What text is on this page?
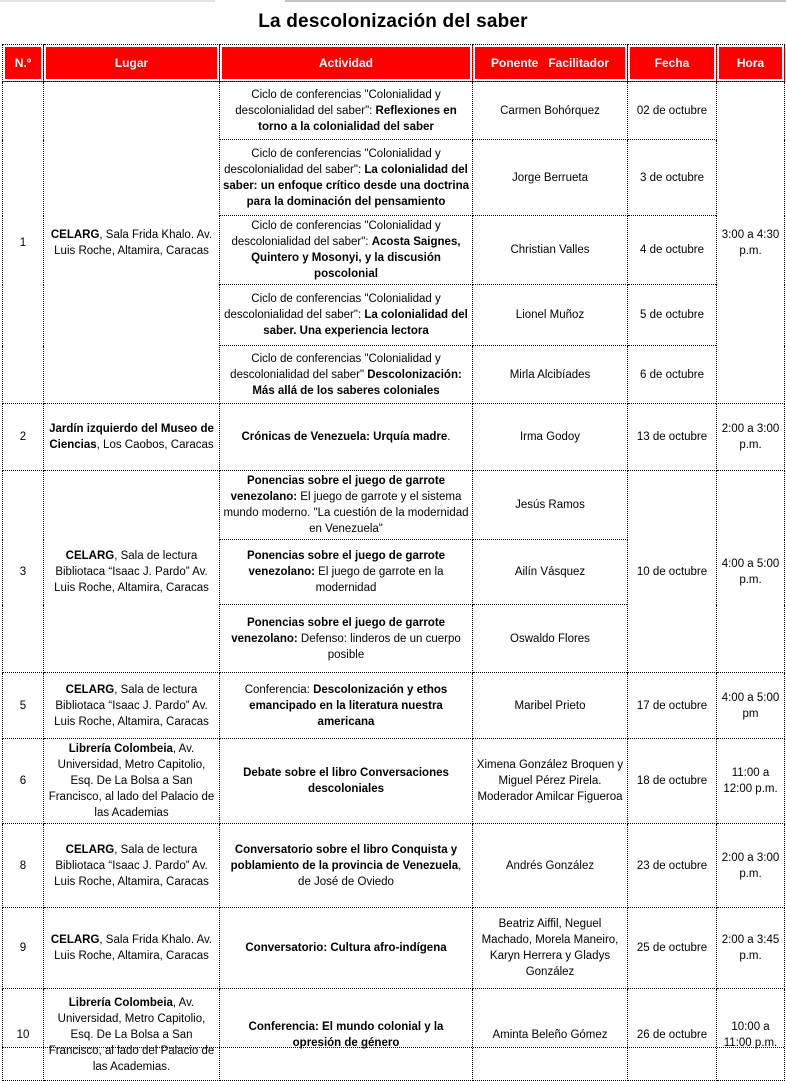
La descolonización del saber
N.º	Lugar	Actividad	Ponente   Facilitador	Fecha	Hora
1	CELARG, Sala Frida Khalo. Av. Luis Roche, Altamira, Caracas	Ciclo de conferencias "Colonialidad y descolonialidad del saber": Reflexiones en torno a la colonialidad del saber	Carmen Bohórquez	02 de octubre	3:00 a 4:30 p.m.
		Ciclo de conferencias "Colonialidad y descolonialidad del saber": La colonialidad del saber: un enfoque crítico desde una doctrina para la dominación del pensamiento	Jorge Berrueta	3 de octubre	
		Ciclo de conferencias "Colonialidad y descolonialidad del saber": Acosta Saignes, Quintero y Mosonyi, y la discusión poscolonial	Christian Valles	4 de octubre	
		Ciclo de conferencias "Colonialidad y descolonialidad del saber": La colonialidad del saber. Una experiencia lectora	Lionel Muñoz	5 de octubre	
		Ciclo de conferencias "Colonialidad y descolonialidad del saber" Descolonización: Más allá de los saberes coloniales	Mirla Alcibíades	6 de octubre	
2	Jardín izquierdo del Museo de Ciencias, Los Caobos, Caracas	Crónicas de Venezuela: Urquía madre.	Irma Godoy	13 de octubre	2:00 a 3:00 p.m.
3	CELARG, Sala de lectura Bibliotaca “Isaac J. Pardo” Av. Luis Roche, Altamira, Caracas	Ponencias sobre el juego de garrote venezolano: El juego de garrote y el sistema mundo moderno. "La cuestión de la modernidad en Venezuela"	Jesús Ramos	10 de octubre	4:00 a 5:00 p.m.
		Ponencias sobre el juego de garrote venezolano: El juego de garrote en la modernidad	Ailín Vásquez		
		Ponencias sobre el juego de garrote venezolano: Defenso: linderos de un cuerpo posible	Oswaldo Flores		
5	CELARG, Sala de lectura Bibliotaca “Isaac J. Pardo” Av. Luis Roche, Altamira, Caracas	Conferencia: Descolonización y ethos emancipado en la literatura nuestra americana	Maribel Prieto	17 de octubre	4:00 a 5:00 pm
6	Librería Colombeia, Av. Universidad, Metro Capitolio, Esq. De La Bolsa a San Francisco, al lado del Palacio de las Academias	Debate sobre el libro Conversaciones descoloniales	Ximena González Broquen y Miguel Pérez Pirela. Moderador Amilcar Figueroa	18 de octubre	11:00 a 12:00 p.m.
8	CELARG, Sala de lectura Bibliotaca “Isaac J. Pardo” Av. Luis Roche, Altamira, Caracas	Conversatorio sobre el libro Conquista y poblamiento de la provincia de Venezuela, de José de Oviedo	Andrés González	23 de octubre	2:00 a 3:00 p.m.
9	CELARG, Sala Frida Khalo. Av. Luis Roche, Altamira, Caracas	Conversatorio: Cultura afro-indígena	Beatriz Aiffil, Neguel Machado, Morela Maneiro, Karyn Herrera y Gladys González	25 de octubre	2:00 a 3:45 p.m.
10	Librería Colombeia, Av. Universidad, Metro Capitolio, Esq. De La Bolsa a San Francisco, al lado del Palacio de las Academias.	Conferencia: El mundo colonial y la opresión de género	Aminta Beleño Gómez	26 de octubre	10:00 a 11:00 p.m.
